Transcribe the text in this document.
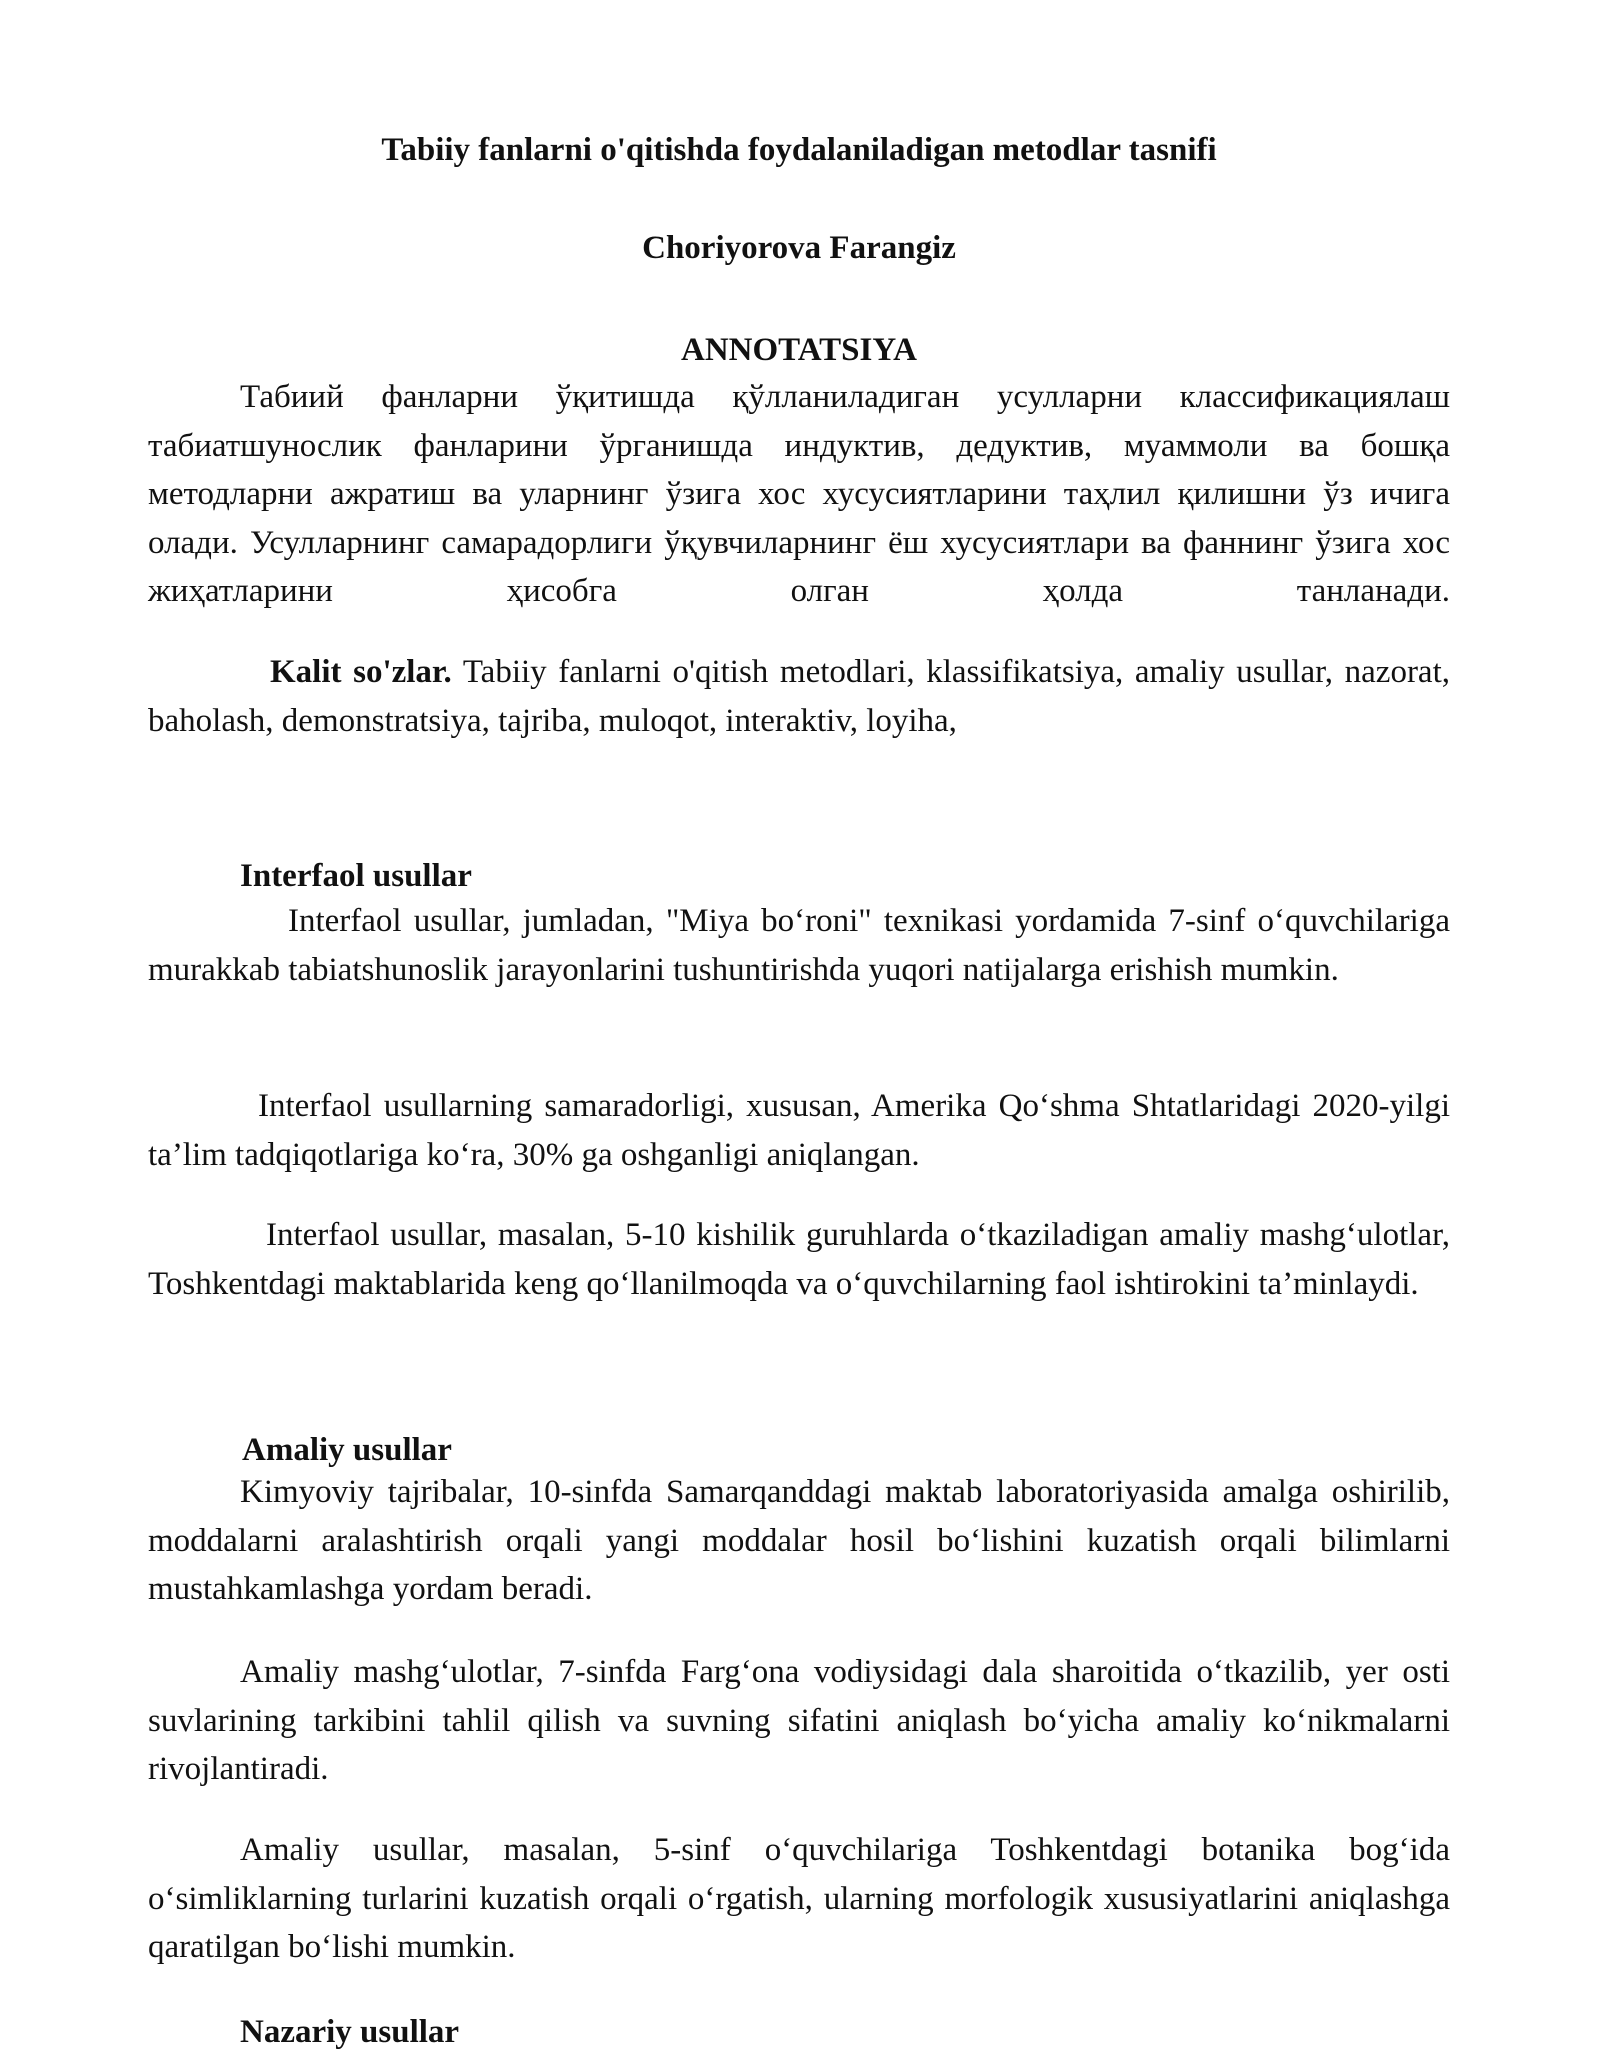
Tabiiy fanlarni o'qitishda foydalaniladigan metodlar tasnifi
Choriyorova Farangiz
ANNOTATSIYA

Табиий фанларни ўқитишда қўлланиладиган усулларни классификациялаш табиатшунослик фанларини ўрганишда индуктив, дедуктив, муаммоли ва бошқа методларни ажратиш ва уларнинг ўзига хос хусусиятларини таҳлил қилишни ўз ичига олади. Усулларнинг самарадорлиги ўқувчиларнинг ёш хусусиятлари ва фаннинг ўзига хос жиҳатларини ҳисобга олган ҳолда танланади.

Kalit so'zlar. Tabiiy fanlarni o'qitish metodlari, klassifikatsiya, amaliy usullar, nazorat, baholash, demonstratsiya, tajriba, muloqot, interaktiv, loyiha,

Interfaol usullar

Interfaol usullar, jumladan, "Miya bo‘roni" texnikasi yordamida 7-sinf o‘quvchilariga murakkab tabiatshunoslik jarayonlarini tushuntirishda yuqori natijalarga erishish mumkin.

Interfaol usullarning samaradorligi, xususan, Amerika Qo‘shma Shtatlaridagi 2020-yilgi ta’lim tadqiqotlariga ko‘ra, 30% ga oshganligi aniqlangan.

Interfaol usullar, masalan, 5-10 kishilik guruhlarda o‘tkaziladigan amaliy mashg‘ulotlar, Toshkentdagi maktablarida keng qo‘llanilmoqda va o‘quvchilarning faol ishtirokini ta’minlaydi.

Amaliy usullar

Kimyoviy tajribalar, 10-sinfda Samarqanddagi maktab laboratoriyasida amalga oshirilib, moddalarni aralashtirish orqali yangi moddalar hosil bo‘lishini kuzatish orqali bilimlarni mustahkamlashga yordam beradi.

Amaliy mashg‘ulotlar, 7-sinfda Farg‘ona vodiysidagi dala sharoitida o‘tkazilib, yer osti suvlarining tarkibini tahlil qilish va suvning sifatini aniqlash bo‘yicha amaliy ko‘nikmalarni rivojlantiradi.

Amaliy usullar, masalan, 5-sinf o‘quvchilariga Toshkentdagi botanika bog‘ida o‘simliklarning turlarini kuzatish orqali o‘rgatish, ularning morfologik xususiyatlarini aniqlashga qaratilgan bo‘lishi mumkin.

Nazariy usullar
